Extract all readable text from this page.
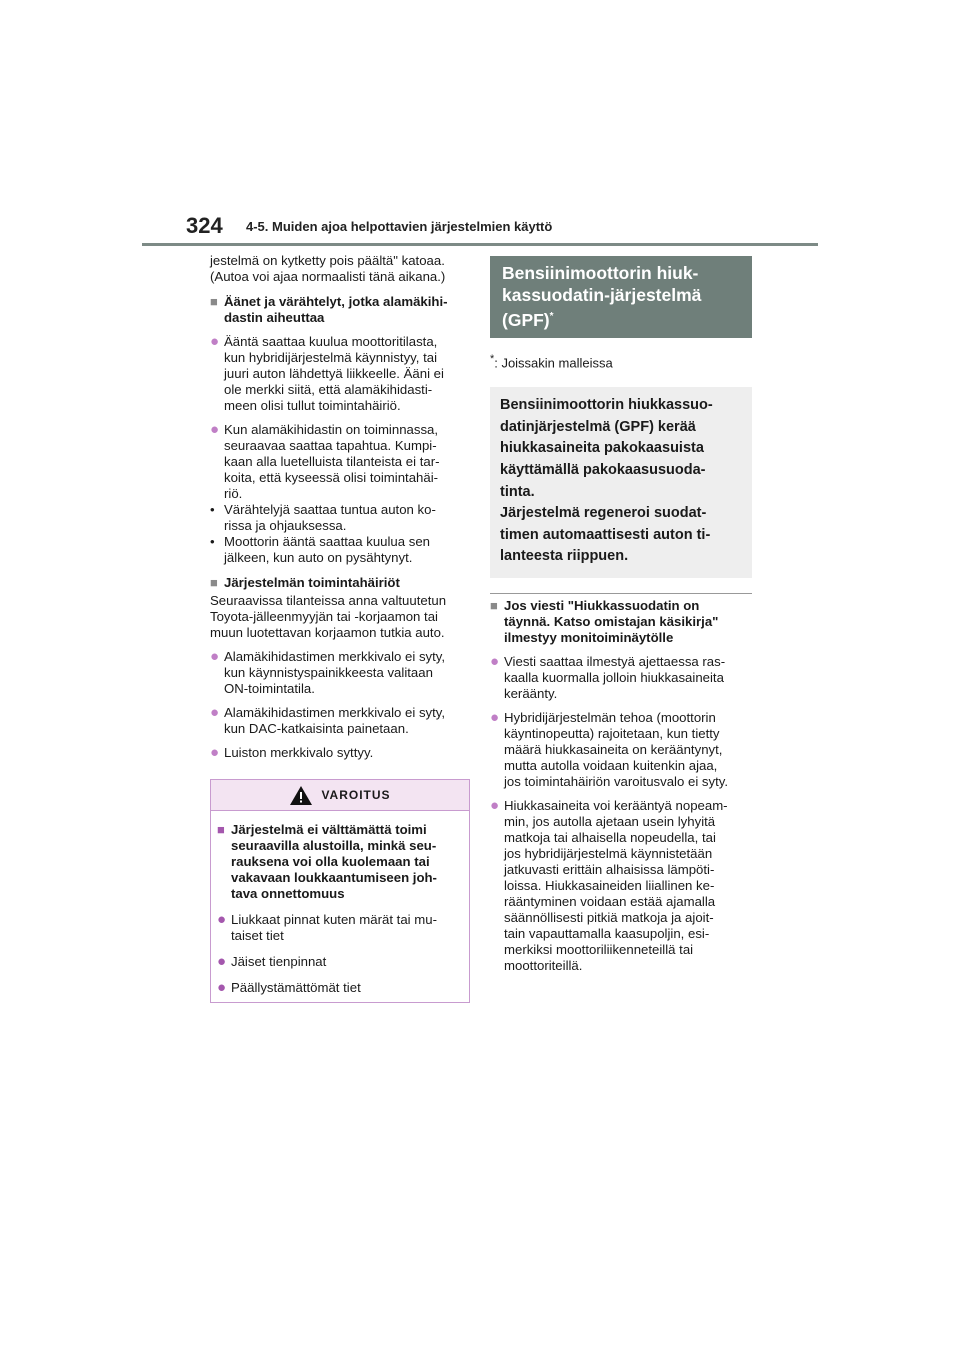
324 4-5. Muiden ajoa helpottavien järjestelmien käyttö

jestelmä on kytketty pois päältä" katoaa.
(Autoa voi ajaa normaalisti tänä aikana.)

■ Äänet ja värähtelyt, jotka alamäkihi-
dastin aiheuttaa
● Ääntä saattaa kuulua moottoritilasta,
kun hybridijärjestelmä käynnistyy, tai
juuri auton lähdettyä liikkeelle. Ääni ei
ole merkki siitä, että alamäkihidasti-
meen olisi tullut toimintahäiriö.
● Kun alamäkihidastin on toiminnassa,
seuraavaa saattaa tapahtua. Kumpi-
kaan alla luetelluista tilanteista ei tar-
koita, että kyseessä olisi toimintahäi-
riö.
• Värähtelyjä saattaa tuntua auton ko-
rissa ja ohjauksessa.
• Moottorin ääntä saattaa kuulua sen
jälkeen, kun auto on pysähtynyt.
■ Järjestelmän toimintahäiriöt

Seuraavissa tilanteissa anna valtuutetun
Toyota-jälleenmyyjän tai -korjaamon tai
muun luotettavan korjaamon tutkia auto.

● Alamäkihidastimen merkkivalo ei syty,
kun käynnistyspainikkeesta valitaan
ON-toimintatila.
● Alamäkihidastimen merkkivalo ei syty,
kun DAC-katkaisinta painetaan.
● Luiston merkkivalo syttyy.
VAROITUS
■ Järjestelmä ei välttämättä toimi
seuraavilla alustoilla, minkä seu-
rauksena voi olla kuolemaan tai
vakavaan loukkaantumiseen joh-
tava onnettomuus
● Liukkaat pinnat kuten märät tai mu-
taiset tiet
● Jäiset tienpinnat
● Päällystämättömät tiet
Bensiinimoottorin hiuk-
kassuodatin-järjestelmä
(GPF)*

*: Joissakin malleissa

Bensiinimoottorin hiukkassuo-
datinjärjestelmä (GPF) kerää
hiukkasaineita pakokaasuista
käyttämällä pakokaasusuoda-
tinta.
Järjestelmä regeneroi suodat-
timen automaattisesti auton ti-
lanteesta riippuen.
■ Jos viesti "Hiukkassuodatin on
täynnä. Katso omistajan käsikirja"
ilmestyy monitoiminäytölle
● Viesti saattaa ilmestyä ajettaessa ras-
kaalla kuormalla jolloin hiukkasaineita
keräänty.
● Hybridijärjestelmän tehoa (moottorin
käyntinopeutta) rajoitetaan, kun tietty
määrä hiukkasaineita on kerääntynyt,
mutta autolla voidaan kuitenkin ajaa,
jos toimintahäiriön varoitusvalo ei syty.
● Hiukkasaineita voi kerääntyä nopeam-
min, jos autolla ajetaan usein lyhyitä
matkoja tai alhaisella nopeudella, tai
jos hybridijärjestelmä käynnistetään
jatkuvasti erittäin alhaisissa lämpöti-
loissa. Hiukkasaineiden liiallinen ke-
rääntyminen voidaan estää ajamalla
säännöllisesti pitkiä matkoja ja ajoit-
tain vapauttamalla kaasupoljin, esi-
merkiksi moottoriliikenneteillä tai
moottoriteillä.
